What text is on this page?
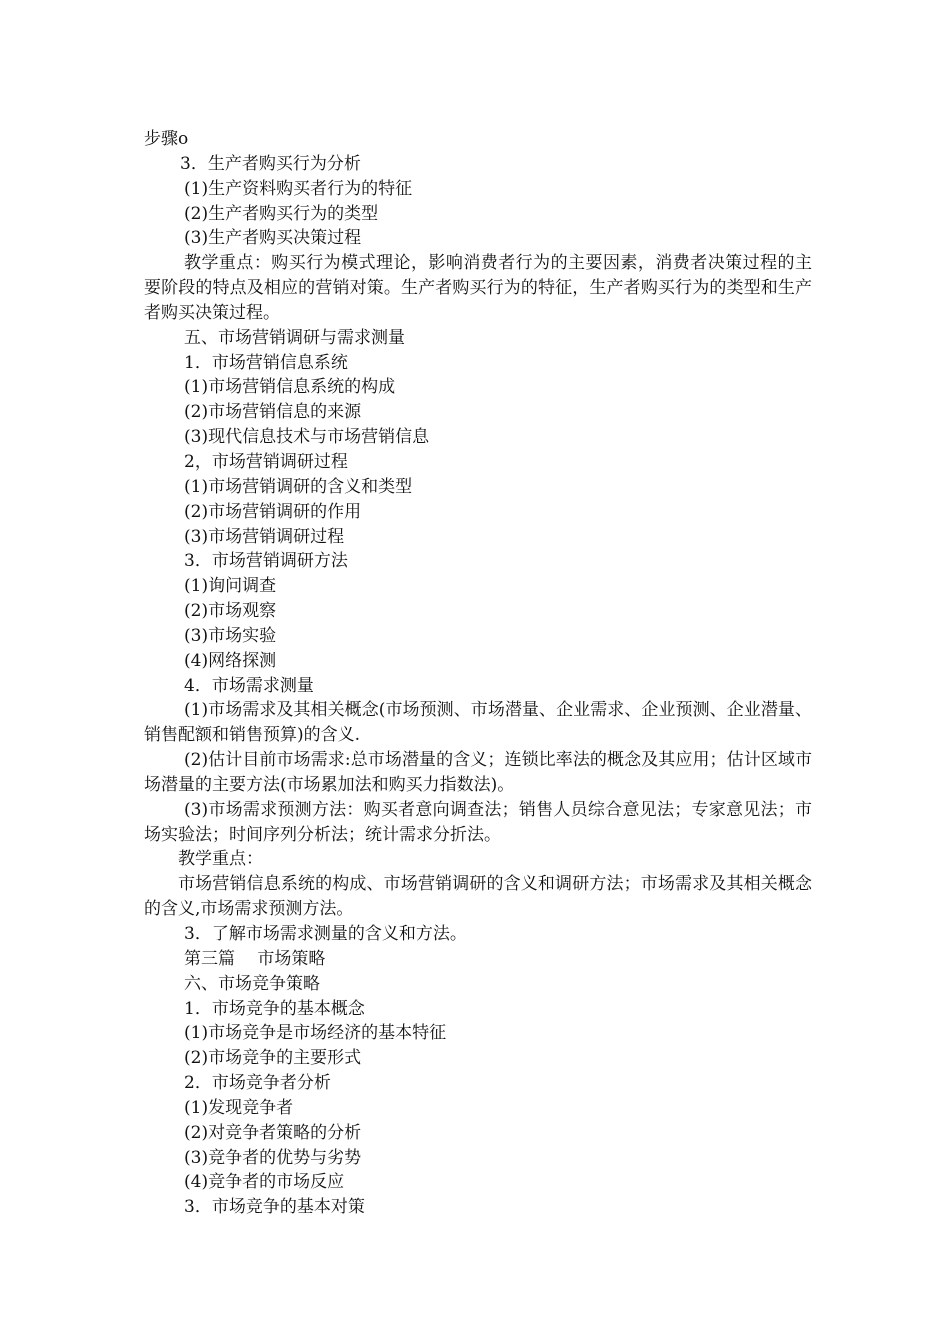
步骤o
3．生产者购买行为分析
(1)生产资料购买者行为的特征
(2)生产者购买行为的类型
(3)生产者购买决策过程
教学重点：购买行为模式理论，影响消费者行为的主要因素，消费者决策过程的主要阶段的特点及相应的营销对策。生产者购买行为的特征，生产者购买行为的类型和生产者购买决策过程。
五、市场营销调研与需求测量
1．市场营销信息系统
(1)市场营销信息系统的构成
(2)市场营销信息的来源
(3)现代信息技术与市场营销信息
2，市场营销调研过程
(1)市场营销调研的含义和类型
(2)市场营销调研的作用
(3)市场营销调研过程
3．市场营销调研方法
(1)询问调查
(2)市场观察
(3)市场实验
(4)网络探测
4．市场需求测量
(1)市场需求及其相关概念(市场预测、市场潜量、企业需求、企业预测、企业潜量、销售配额和销售预算)的含义.
(2)估计目前市场需求:总市场潜量的含义；连锁比率法的概念及其应用；估计区域市场潜量的主要方法(市场累加法和购买力指数法)。
(3)市场需求预测方法：购买者意向调查法；销售人员综合意见法；专家意见法；市场实验法；时间序列分析法；统计需求分折法。
教学重点：
市场营销信息系统的构成、市场营销调研的含义和调研方法；市场需求及其相关概念的含义,市场需求预测方法。
3．了解市场需求测量的含义和方法。
第三篇　 市场策略
六、市场竞争策略
1．市场竞争的基本概念
(1)市场竞争是市场经济的基本特征
(2)市场竞争的主要形式
2．市场竞争者分析
(1)发现竞争者
(2)对竞争者策略的分析
(3)竞争者的优势与劣势
(4)竞争者的市场反应
3．市场竞争的基本对策
